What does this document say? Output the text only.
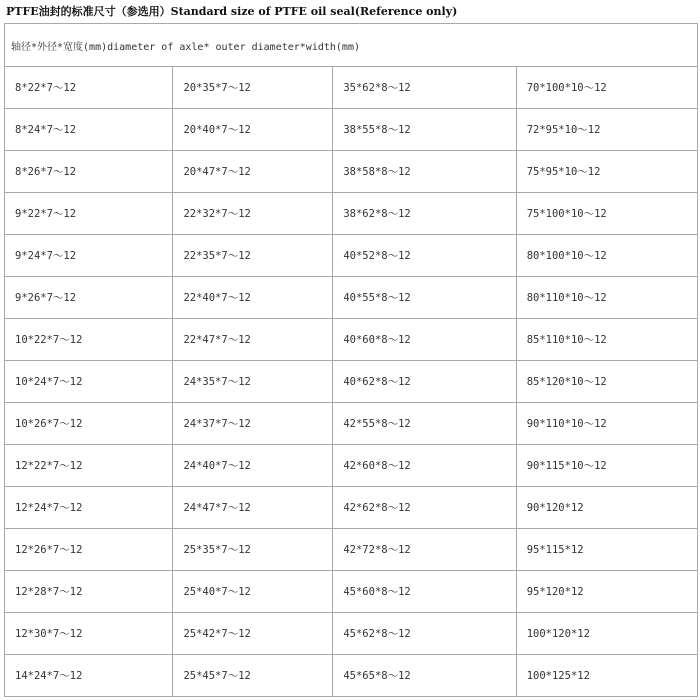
PTFE油封的标准尺寸（参选用）Standard size of PTFE oil seal(Reference only)
轴径*外径*宽度(mm)diameter of axle* outer diameter*width(mm)			
8*22*7～12	20*35*7～12	35*62*8～12	70*100*10～12
8*24*7～12	20*40*7～12	38*55*8～12	72*95*10～12
8*26*7～12	20*47*7～12	38*58*8～12	75*95*10～12
9*22*7～12	22*32*7～12	38*62*8～12	75*100*10～12
9*24*7～12	22*35*7～12	40*52*8～12	80*100*10～12
9*26*7～12	22*40*7～12	40*55*8～12	80*110*10～12
10*22*7～12	22*47*7～12	40*60*8～12	85*110*10～12
10*24*7～12	24*35*7～12	40*62*8～12	85*120*10～12
10*26*7～12	24*37*7～12	42*55*8～12	90*110*10～12
12*22*7～12	24*40*7～12	42*60*8～12	90*115*10～12
12*24*7～12	24*47*7～12	42*62*8～12	90*120*12
12*26*7～12	25*35*7～12	42*72*8～12	95*115*12
12*28*7～12	25*40*7～12	45*60*8～12	95*120*12
12*30*7～12	25*42*7～12	45*62*8～12	100*120*12
14*24*7～12	25*45*7～12	45*65*8～12	100*125*12
